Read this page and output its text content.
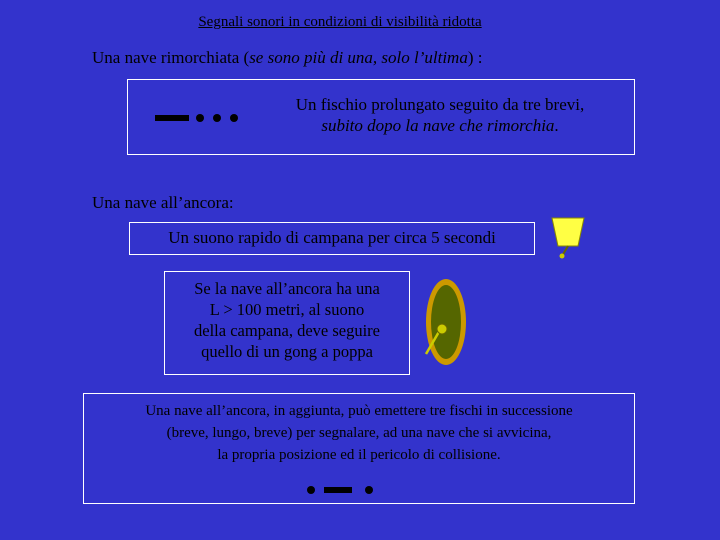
Segnali sonori in condizioni di visibilità ridotta
Una nave rimorchiata (se sono più di una, solo l’ultima) :
Un fischio prolungato seguito da tre brevi,
subito dopo la nave che rimorchia.
Una nave all’ancora:
Un suono rapido di campana per circa 5 secondi
Se la nave all’ancora ha una
L > 100 metri, al suono
della campana, deve seguire
quello di un gong a poppa
Una nave all’ancora, in aggiunta, può emettere tre fischi in successione
(breve, lungo, breve) per segnalare, ad una nave che si avvicina,
la propria posizione ed il pericolo di collisione.
